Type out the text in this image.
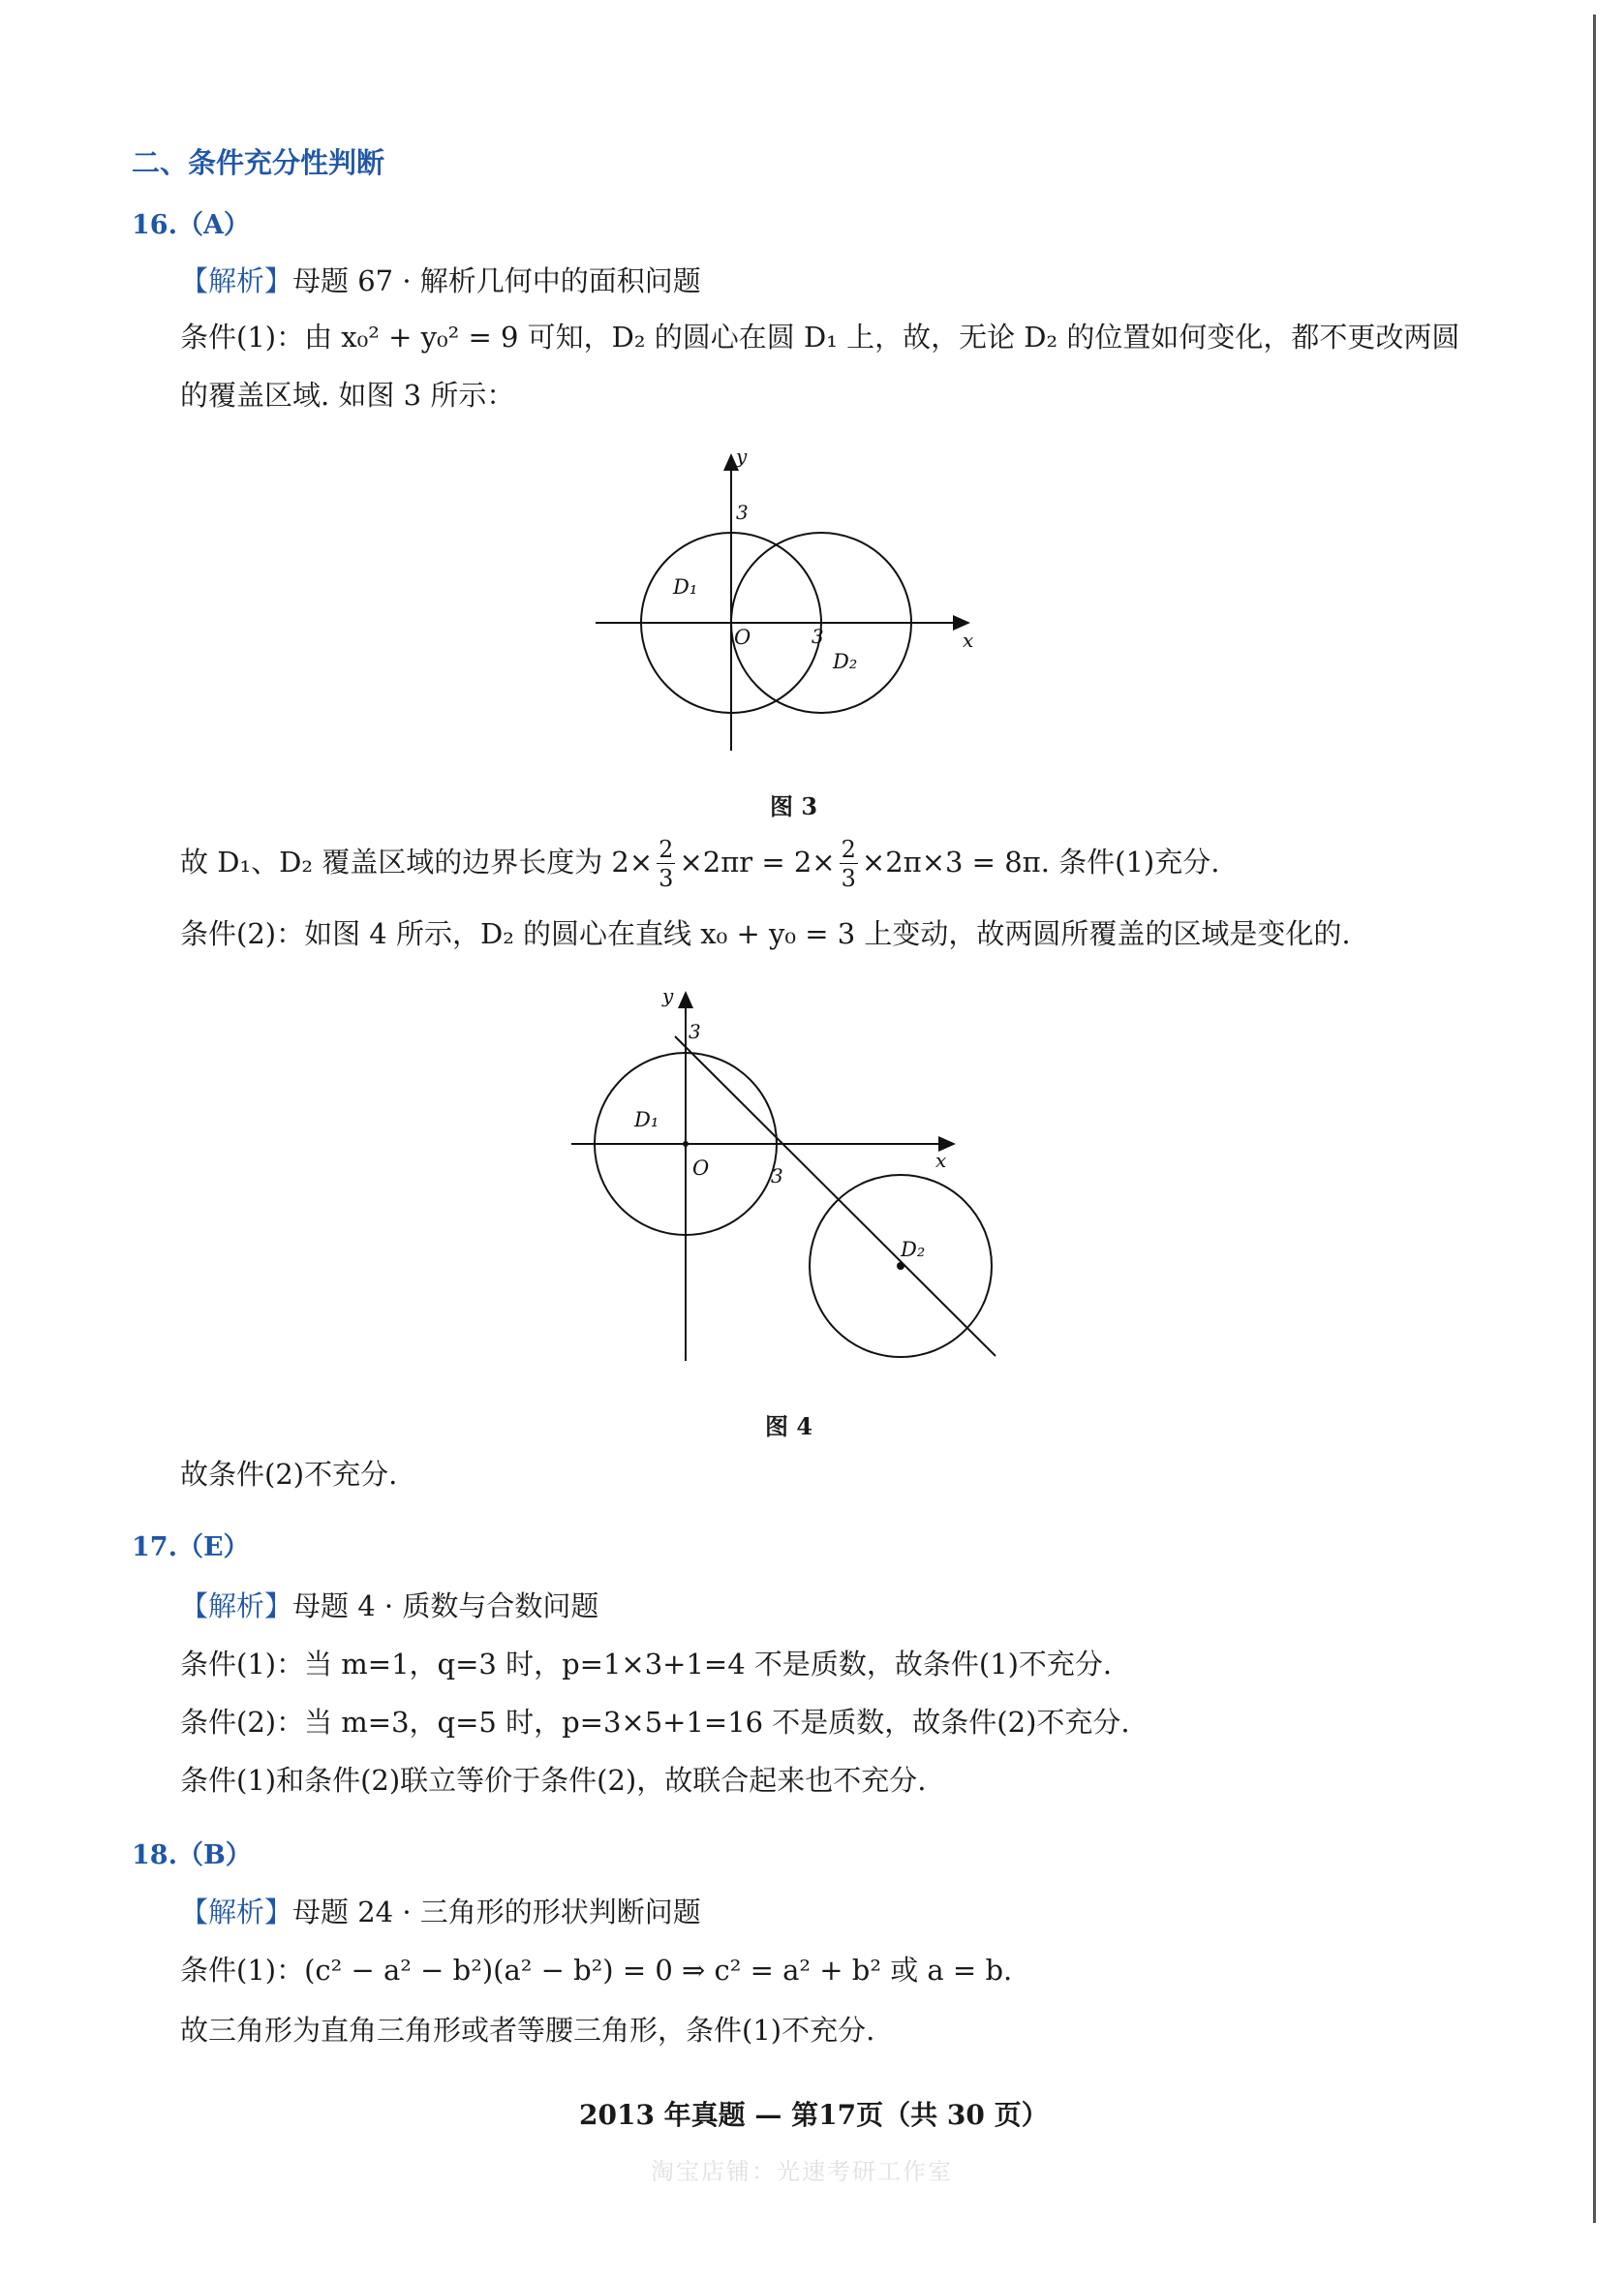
二、条件充分性判断
16.（A）
【解析】母题 67 · 解析几何中的面积问题
条件(1)：由 x₀² + y₀² = 9 可知，D₂ 的圆心在圆 D₁ 上，故，无论 D₂ 的位置如何变化，都不更改两圆
的覆盖区域. 如图 3 所示：
y
x
3
3
O
D₁
D₂
图 3
故 D₁、D₂ 覆盖区域的边界长度为 $2\times \frac{2}{3} \times 2\pi r = 2\times \frac{2}{3} \times 2\pi\times 3 = 8\pi$. 条件(1)充分.
条件(2)：如图 4 所示，D₂ 的圆心在直线 x₀ + y₀ = 3 上变动，故两圆所覆盖的区域是变化的.
y
x
3
3
O
D₁
D₂
图 4
故条件(2)不充分.
17.（E）
【解析】母题 4 · 质数与合数问题
条件(1)：当 m=1，q=3 时，p=1×3+1=4 不是质数，故条件(1)不充分.
条件(2)：当 m=3，q=5 时，p=3×5+1=16 不是质数，故条件(2)不充分.
条件(1)和条件(2)联立等价于条件(2)，故联合起来也不充分.
18.（B）
【解析】母题 24 · 三角形的形状判断问题
条件(1)：(c² − a² − b²)(a² − b²) = 0 ⇒ c² = a² + b² 或 a = b.
故三角形为直角三角形或者等腰三角形，条件(1)不充分.
2013 年真题 — 第17页（共 30 页）
淘宝店铺：光速考研工作室
